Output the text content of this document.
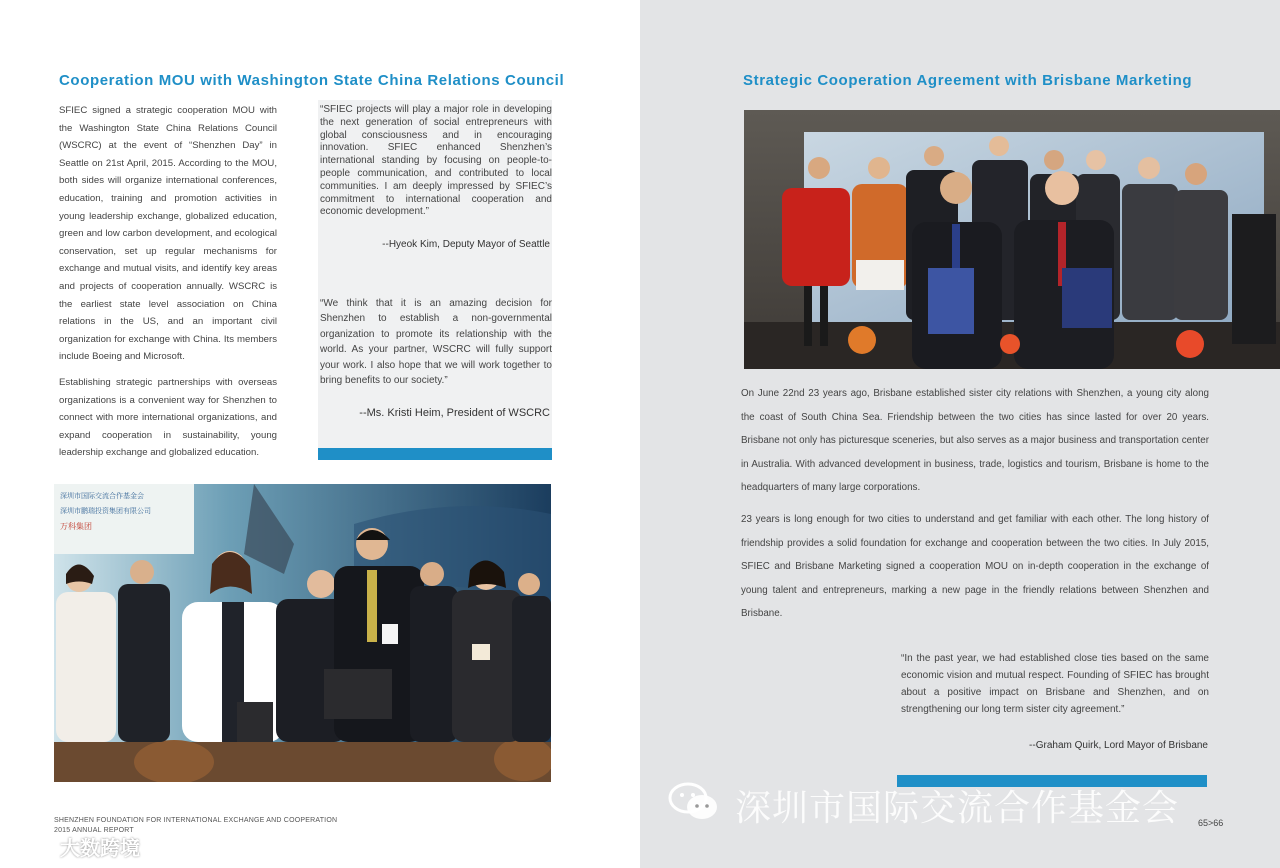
Cooperation MOU with Washington State China Relations Council

SFIEC signed a strategic cooperation MOU with the Washington State China Relations Council (WSCRC) at the event of “Shenzhen Day” in Seattle on 21st April, 2015. According to the MOU, both sides will organize international conferences, education, training and promotion activities in young leadership exchange, globalized education, green and low carbon development, and ecological conservation, set up regular mechanisms for exchange and mutual visits, and identify key areas and projects of cooperation annually. WSCRC is the earliest state level association on China relations in the US, and an important civil organization for exchange with China. Its members include Boeing and Microsoft.

Establishing strategic partnerships with overseas organizations is a convenient way for Shenzhen to connect with more international organizations, and expand cooperation in sustainability, young leadership exchange and globalized education.

“SFIEC projects will play a major role in developing the next generation of social entrepreneurs with global consciousness and in encouraging innovation. SFIEC enhanced Shenzhen’s international standing by focusing on people-to-people communication, and contributed to local communities. I am deeply impressed by SFIEC’s commitment to international cooperation and economic development.”

--Hyeok Kim, Deputy Mayor of Seattle

“We think that it is an amazing decision for Shenzhen to establish a non-governmental organization to promote its relationship with the world. As your partner, WSCRC will fully support your work. I also hope that we will work together to bring benefits to our society.”

--Ms. Kristi Heim, President of WSCRC
深圳市国际交流合作基金会
深圳市鹏瑞投资集团有限公司
万科集团
SHENZHEN FOUNDATION FOR INTERNATIONAL EXCHANGE AND COOPERATION
2015 ANNUAL REPORT
∞ 大数跨境
Strategic Cooperation Agreement with Brisbane Marketing
On June 22nd 23 years ago, Brisbane established sister city relations with Shenzhen, a young city along the coast of South China Sea. Friendship between the two cities has since lasted for over 20 years. Brisbane not only has picturesque sceneries, but also serves as a major business and transportation center in Australia. With advanced development in business, trade, logistics and tourism, Brisbane is home to the headquarters of many large corporations.
23 years is long enough for two cities to understand and get familiar with each other. The long history of friendship provides a solid foundation for exchange and cooperation between the two cities. In July 2015, SFIEC and Brisbane Marketing signed a cooperation MOU on in-depth cooperation in the exchange of young talent and entrepreneurs, marking a new page in the friendly relations between Shenzhen and Brisbane.
“In the past year, we had established close ties based on the same economic vision and mutual respect. Founding of SFIEC has brought about a positive impact on Brisbane and Shenzhen, and on strengthening our long term sister city agreement.”
--Graham Quirk, Lord Mayor of Brisbane
深圳市国际交流合作基金会 65>66
